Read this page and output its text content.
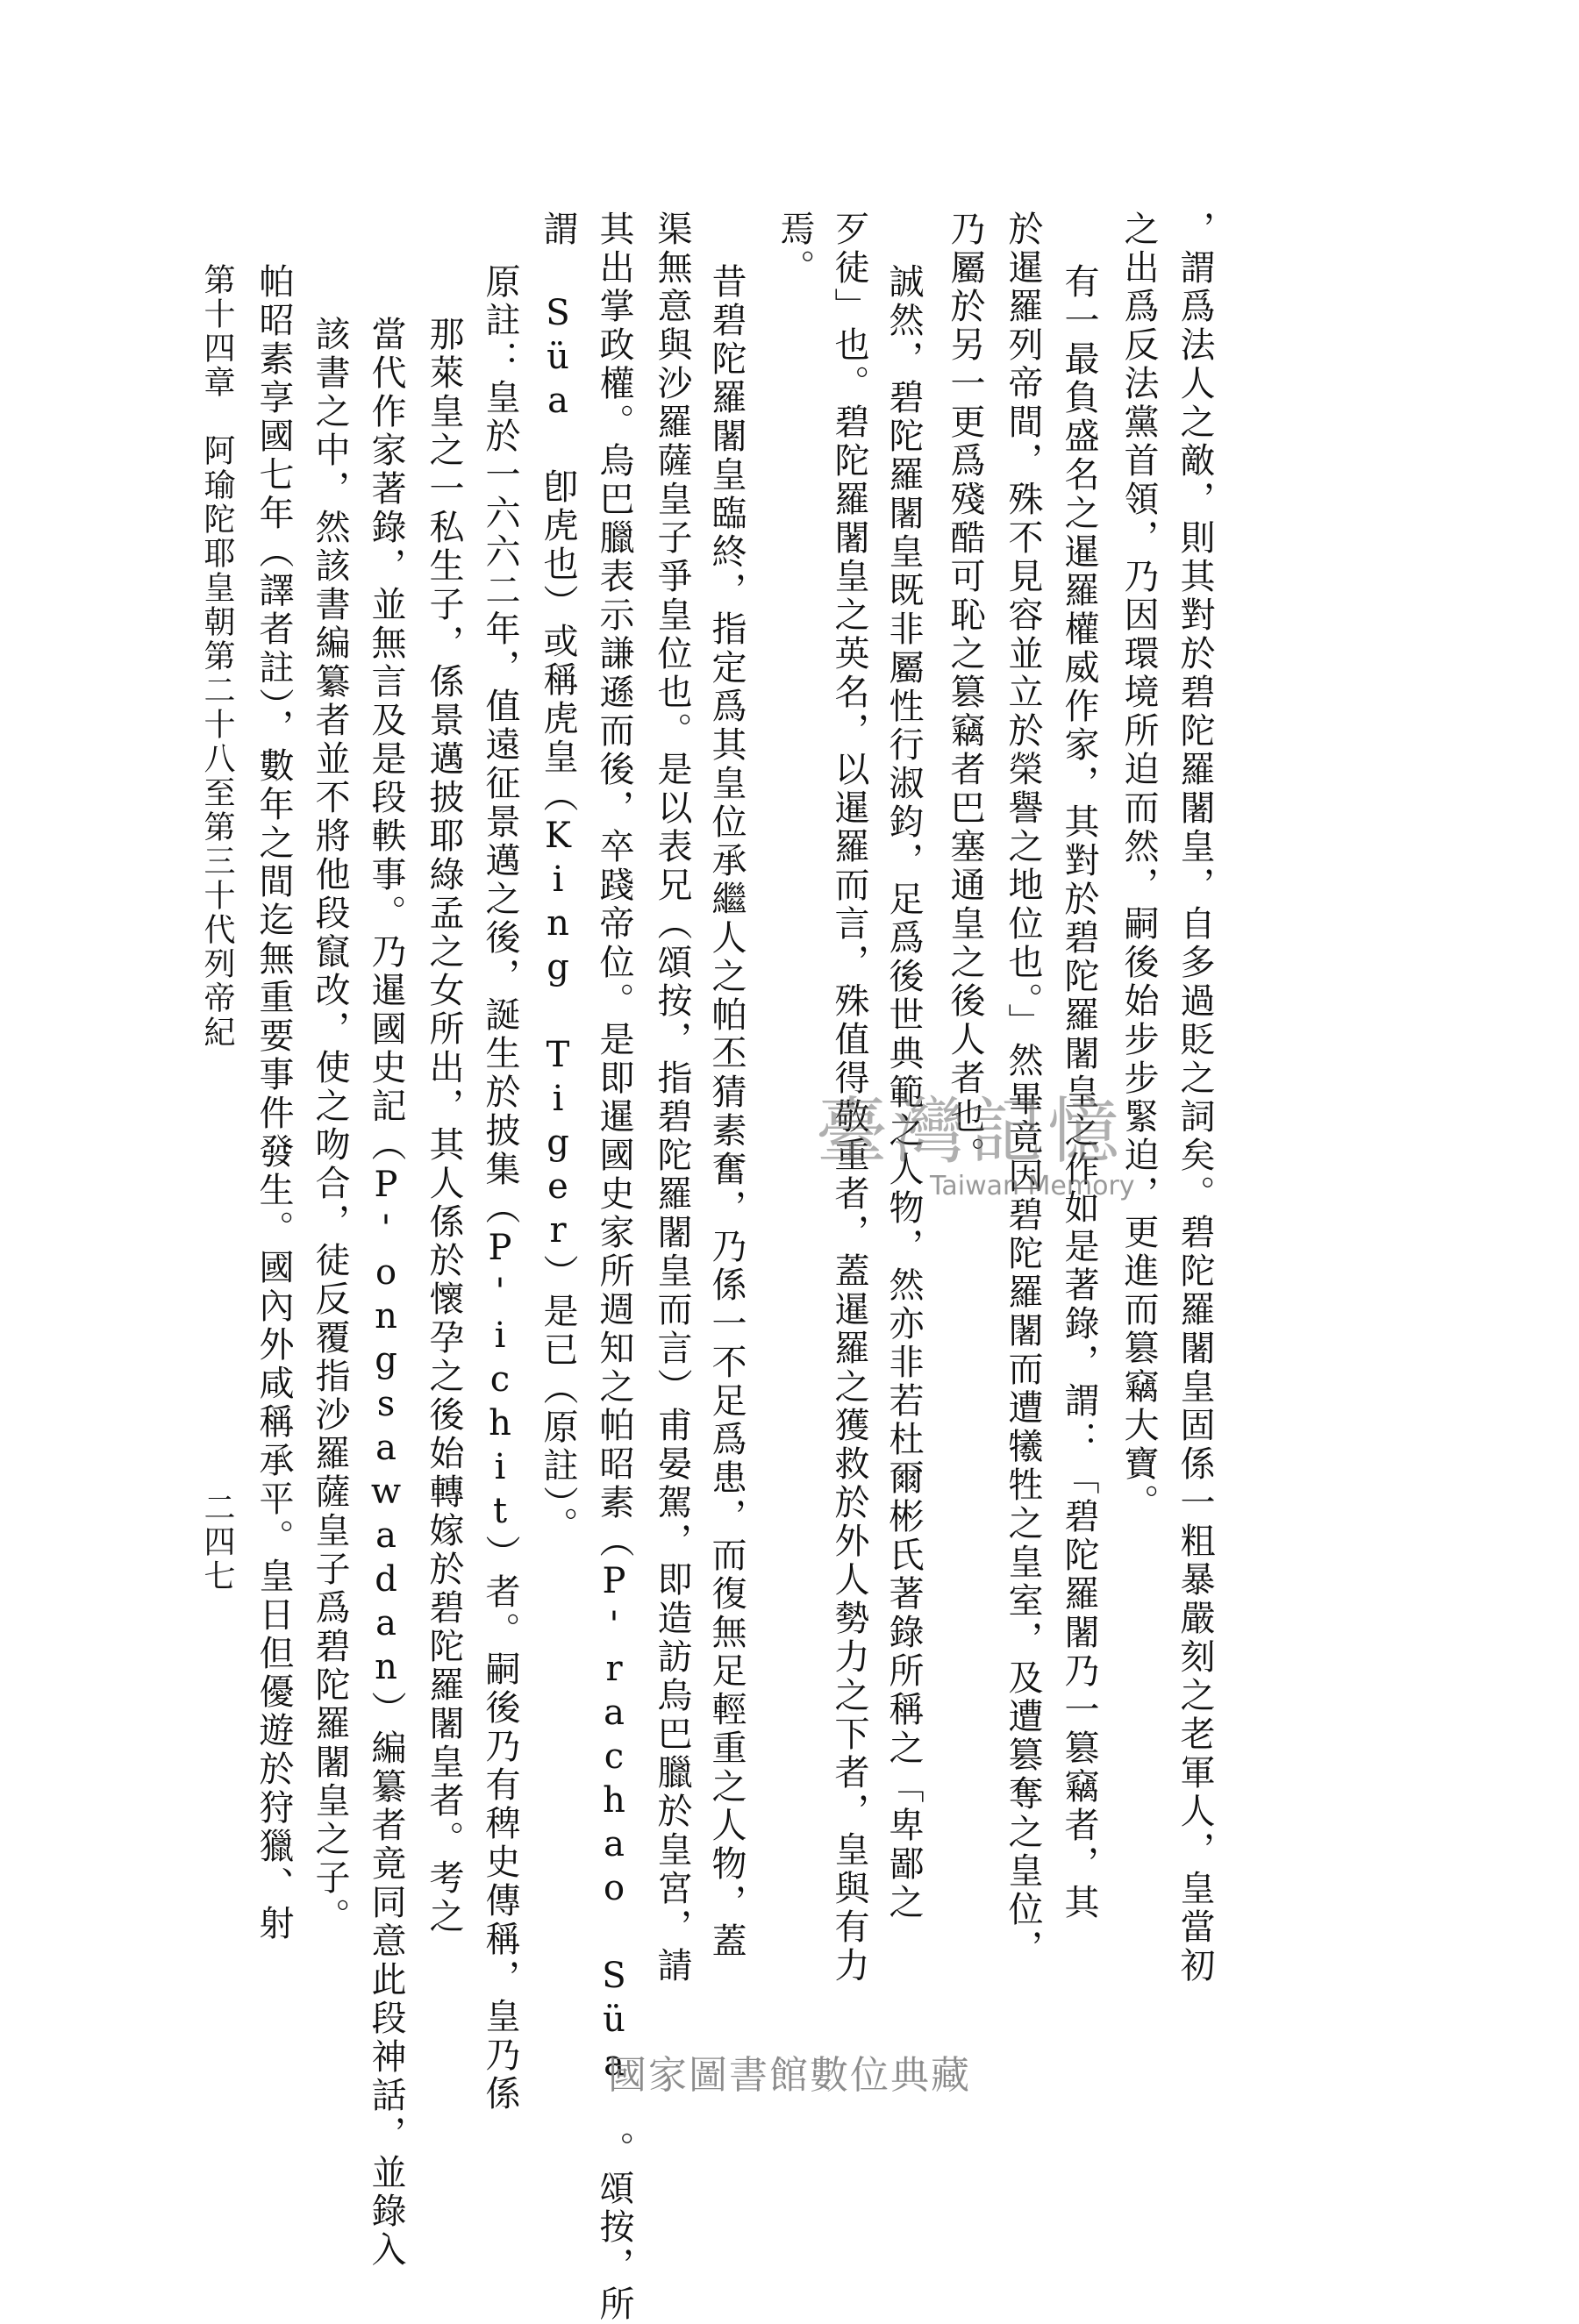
，謂爲法人之敵，則其對於碧陀羅闍皇，自多過貶之詞矣。碧陀羅闍皇固係一粗暴嚴刻之老軍人，皇當初
之出爲反法黨首領，乃因環境所迫而然，嗣後始步步緊迫，更進而篡竊大寶。
有一最負盛名之暹羅權威作家，其對於碧陀羅闍皇之作如是著錄，謂：「碧陀羅闍乃一篡竊者，其
於暹羅列帝間，殊不見容並立於榮譽之地位也。」然畢竟因碧陀羅闍而遭犧牲之皇室，及遭篡奪之皇位，
乃屬於另一更爲殘酷可恥之篡竊者巴塞通皇之後人者也。
誠然，碧陀羅闍皇既非屬性行淑鈞，足爲後世典範之人物，然亦非若杜爾彬氏著錄所稱之「卑鄙之
歹徒」也。碧陀羅闍皇之英名，以暹羅而言，殊值得敬重者，蓋暹羅之獲救於外人勢力之下者，皇與有力
焉。
昔碧陀羅闍皇臨終，指定爲其皇位承繼人之帕丕猜素奮，乃係一不足爲患，而復無足輕重之人物，蓋
渠無意與沙羅薩皇子爭皇位也。是以表兄（頌按，指碧陀羅闍皇而言）甫晏駕，即造訪烏巴臘於皇宮，請
其出掌政權。烏巴臘表示謙遜而後，卒踐帝位。是即暹國史家所週知之帕昭素（P'rachao Süa 。頌按，所
謂 Süa 卽虎也）或稱虎皇（King Tiger）是已（原註）。
原註：皇於一六六二年，值遠征景邁之後，誕生於披集（P'ichit）者。嗣後乃有稗史傳稱，皇乃係
那萊皇之一私生子，係景邁披耶綠孟之女所出，其人係於懷孕之後始轉嫁於碧陀羅闍皇者。考之
當代作家著錄，並無言及是段軼事。乃暹國史記（P'ongsawadan）編纂者竟同意此段神話，並錄入
該書之中，然該書編纂者並不將他段竄改，使之吻合，徒反覆指沙羅薩皇子爲碧陀羅闍皇之子。
帕昭素享國七年（譯者註），數年之間迄無重要事件發生。國內外咸稱承平。皇日但優遊於狩獵、射
第十四章　阿瑜陀耶皇朝第二十八至第三十代列帝紀
二四七
臺灣記憶
Taiwan Memory
國家圖書館數位典藏
